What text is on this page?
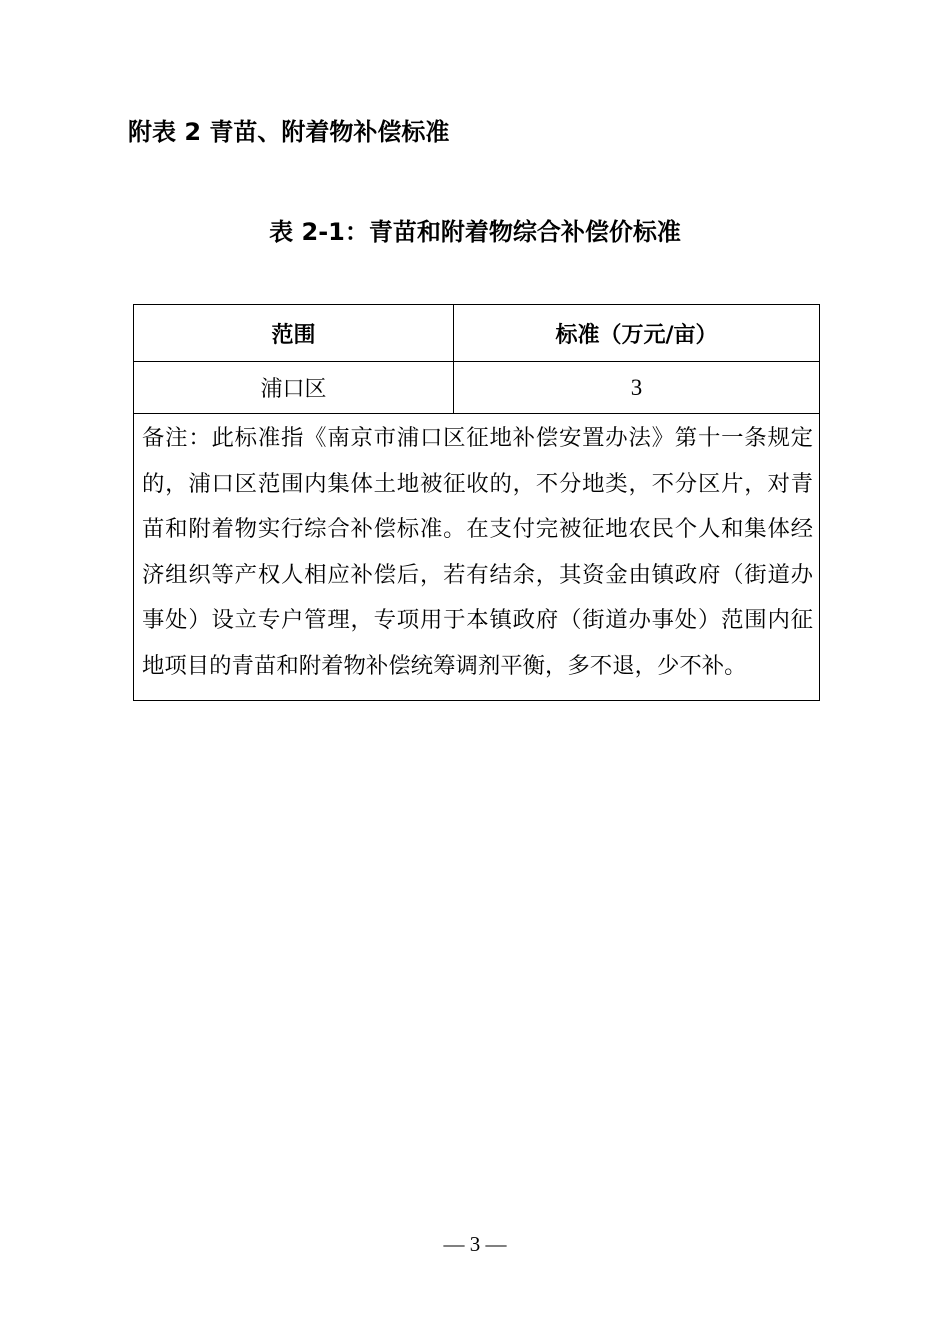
附表 2 青苗、附着物补偿标准
表 2-1：青苗和附着物综合补偿价标准
范围	标准（万元/亩）
浦口区	3
备注：此标准指《南京市浦口区征地补偿安置办法》第十一条规定的，浦口区范围内集体土地被征收的，不分地类，不分区片，对青苗和附着物实行综合补偿标准。在支付完被征地农民个人和集体经济组织等产权人相应补偿后，若有结余，其资金由镇政府（街道办事处）设立专户管理，专项用于本镇政府（街道办事处）范围内征地项目的青苗和附着物补偿统筹调剂平衡，多不退，少不补。	
— 3 —
